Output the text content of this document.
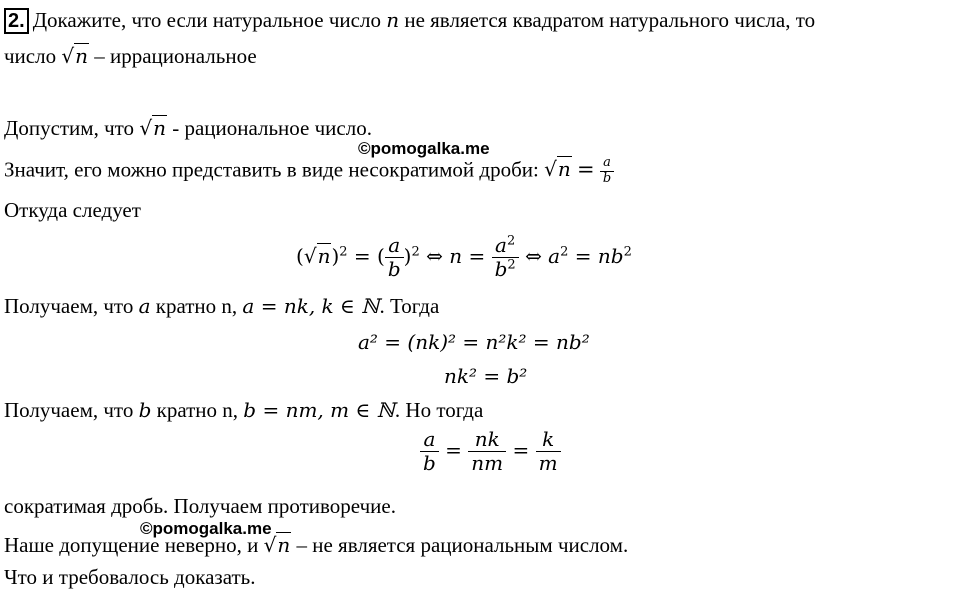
2. Докажите, что если натуральное число n не является квадратом натурального числа, то
число √n – иррациональное
Допустим, что √n - рациональное число.
©pomogalka.me
Значит, его можно представить в виде несократимой дроби: $√n = \frac{a}{b}$
Откуда следует
$(√n)^2$ = ( $\frac{a}{b} )^2$ ⇔ $n = \frac{a^2}{b^2}$ ⇔ $a^2 = nb^2$
Получаем, что a кратно n, a = nk, k ∈ ℕ. Тогда
a² = (nk)² = n²k² = nb²
nk² = b²
Получаем, что b кратно n, b = nm, m ∈ ℕ. Но тогда
$\frac{a}{b} = \frac{nk}{nm} = \frac{k}{m}$
сократимая дробь. Получаем противоречие.
©pomogalka.me
Наше допущение неверно, и √n – не является рациональным числом.
Что и требовалось доказать.
